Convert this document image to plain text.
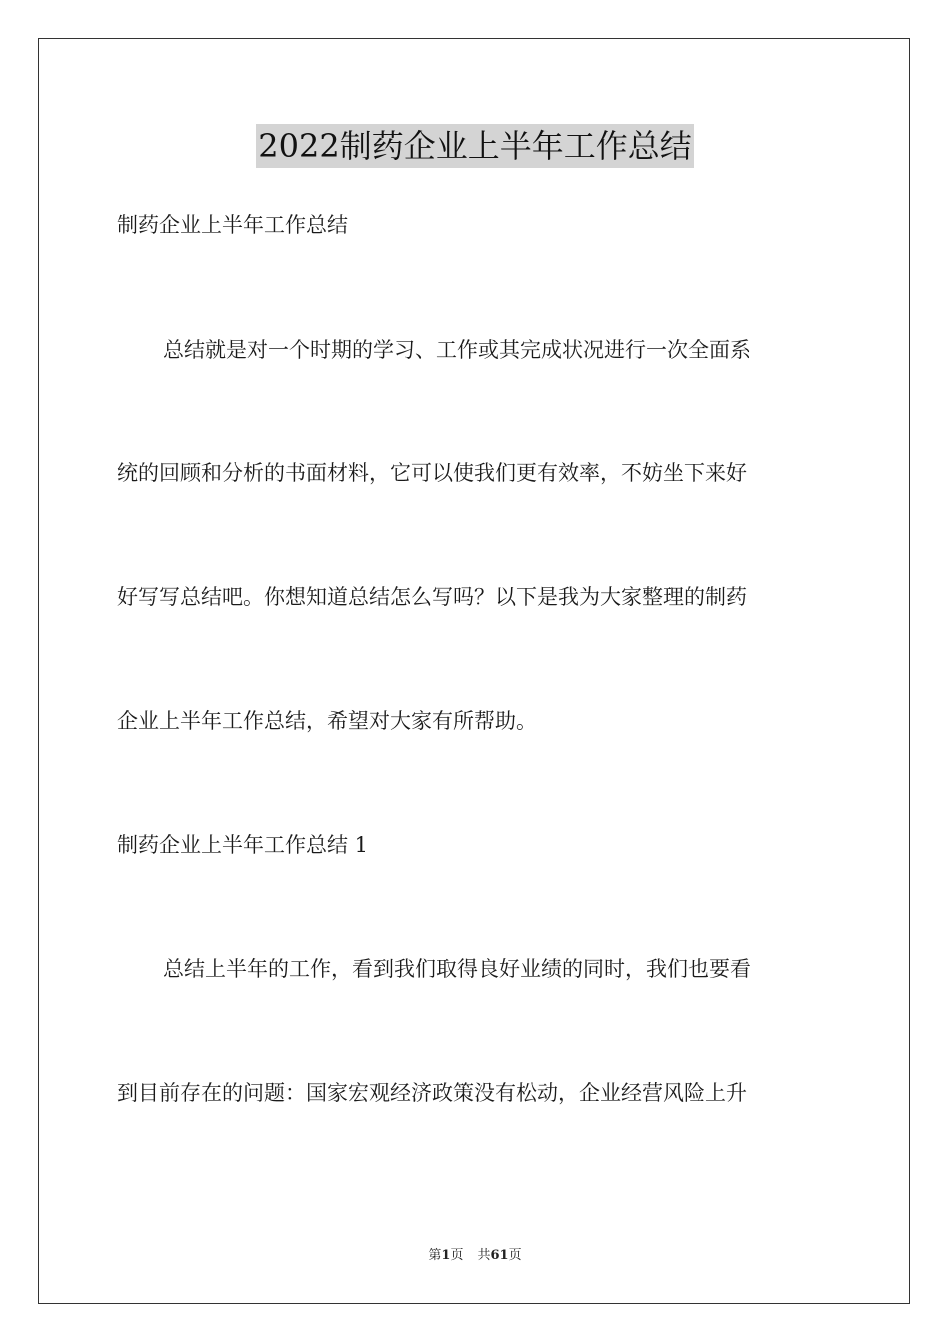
2022制药企业上半年工作总结
制药企业上半年工作总结
总结就是对一个时期的学习、工作或其完成状况进行一次全面系
统的回顾和分析的书面材料，它可以使我们更有效率，不妨坐下来好
好写写总结吧。你想知道总结怎么写吗？以下是我为大家整理的制药
企业上半年工作总结，希望对大家有所帮助。
制药企业上半年工作总结 1
总结上半年的工作，看到我们取得良好业绩的同时，我们也要看
到目前存在的问题：国家宏观经济政策没有松动，企业经营风险上升
第1页 共61页
